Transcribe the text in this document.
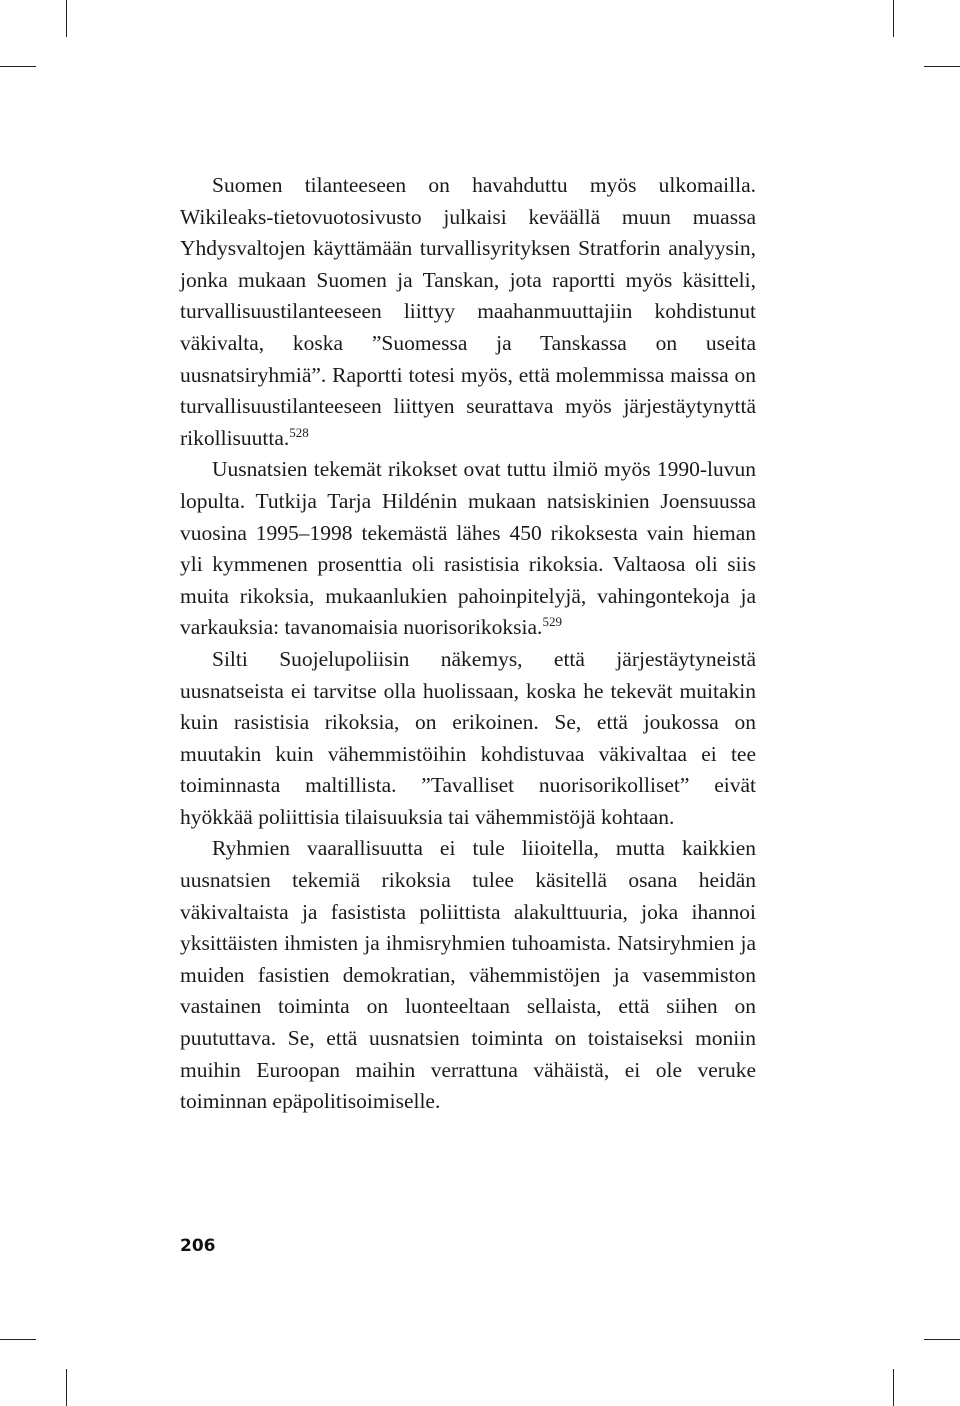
Suomen tilanteeseen on havahduttu myös ulkomailla. Wikileaks-tietovuotosivusto julkaisi keväällä muun muassa Yhdysvaltojen käyttämään turvallisyrityksen Stratforin analyysin, jonka mukaan Suomen ja Tanskan, jota raportti myös käsitteli, turvallisuustilanteeseen liittyy maahanmuuttajiin kohdistunut väkivalta, koska ”Suomessa ja Tanskassa on useita uusnatsiryhmiä”. Raportti totesi myös, että molemmissa maissa on turvallisuustilanteeseen liittyen seurattava myös järjestäytynyttä rikollisuutta.$^{528}$

Uusnatsien tekemät rikokset ovat tuttu ilmiö myös 1990-luvun lopulta. Tutkija Tarja Hildénin mukaan natsiskinien Joensuussa vuosina 1995–1998 tekemästä lähes 450 rikoksesta vain hieman yli kymmenen prosenttia oli rasistisia rikoksia. Valtaosa oli siis muita rikoksia, mukaanlukien pahoinpitelyjä, vahingontekoja ja varkauksia: tavanomaisia nuorisorikoksia.$^{529}$

Silti Suojelupoliisin näkemys, että järjestäytyneistä uusnatseista ei tarvitse olla huolissaan, koska he tekevät muitakin kuin rasistisia rikoksia, on erikoinen. Se, että joukossa on muutakin kuin vähemmistöihin kohdistuvaa väkivaltaa ei tee toiminnasta maltillista. ”Tavalliset nuorisorikolliset” eivät hyökkää poliittisia tilaisuuksia tai vähemmistöjä kohtaan.

Ryhmien vaarallisuutta ei tule liioitella, mutta kaikkien uusnatsien tekemiä rikoksia tulee käsitellä osana heidän väkivaltaista ja fasistista poliittista alakulttuuria, joka ihannoi yksittäisten ihmisten ja ihmisryhmien tuhoamista. Natsiryhmien ja muiden fasistien demokratian, vähemmistöjen ja vasemmiston vastainen toiminta on luonteeltaan sellaista, että siihen on puututtava. Se, että uusnatsien toiminta on toistaiseksi moniin muihin Euroopan maihin verrattuna vähäistä, ei ole veruke toiminnan epäpolitisoimiselle.

206
